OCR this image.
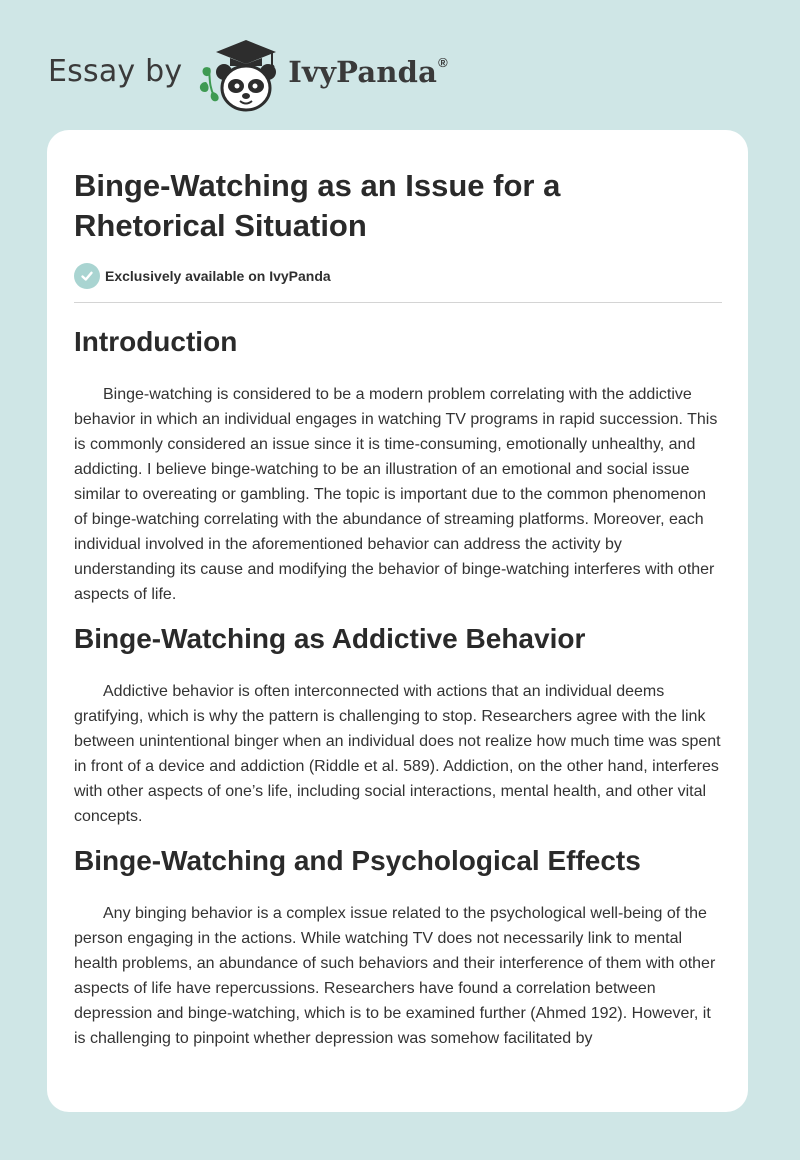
Essay by	IvyPanda®
Binge-Watching as an Issue for a Rhetorical Situation
Exclusively available on IvyPanda
Introduction

Binge-watching is considered to be a modern problem correlating with the addictive behavior in which an individual engages in watching TV programs in rapid succession. This is commonly considered an issue since it is time-consuming, emotionally unhealthy, and addicting. I believe binge-watching to be an illustration of an emotional and social issue similar to overeating or gambling. The topic is important due to the common phenomenon of binge-watching correlating with the abundance of streaming platforms. Moreover, each individual involved in the aforementioned behavior can address the activity by understanding its cause and modifying the behavior of binge-watching interferes with other aspects of life.

Binge-Watching as Addictive Behavior

Addictive behavior is often interconnected with actions that an individual deems gratifying, which is why the pattern is challenging to stop. Researchers agree with the link between unintentional binger when an individual does not realize how much time was spent in front of a device and addiction (Riddle et al. 589). Addiction, on the other hand, interferes with other aspects of one’s life, including social interactions, mental health, and other vital concepts.

Binge-Watching and Psychological Effects

Any binging behavior is a complex issue related to the psychological well-being of the person engaging in the actions. While watching TV does not necessarily link to mental health problems, an abundance of such behaviors and their interference of them with other aspects of life have repercussions. Researchers have found a correlation between depression and binge-watching, which is to be examined further (Ahmed 192). However, it is challenging to pinpoint whether depression was somehow facilitated by
